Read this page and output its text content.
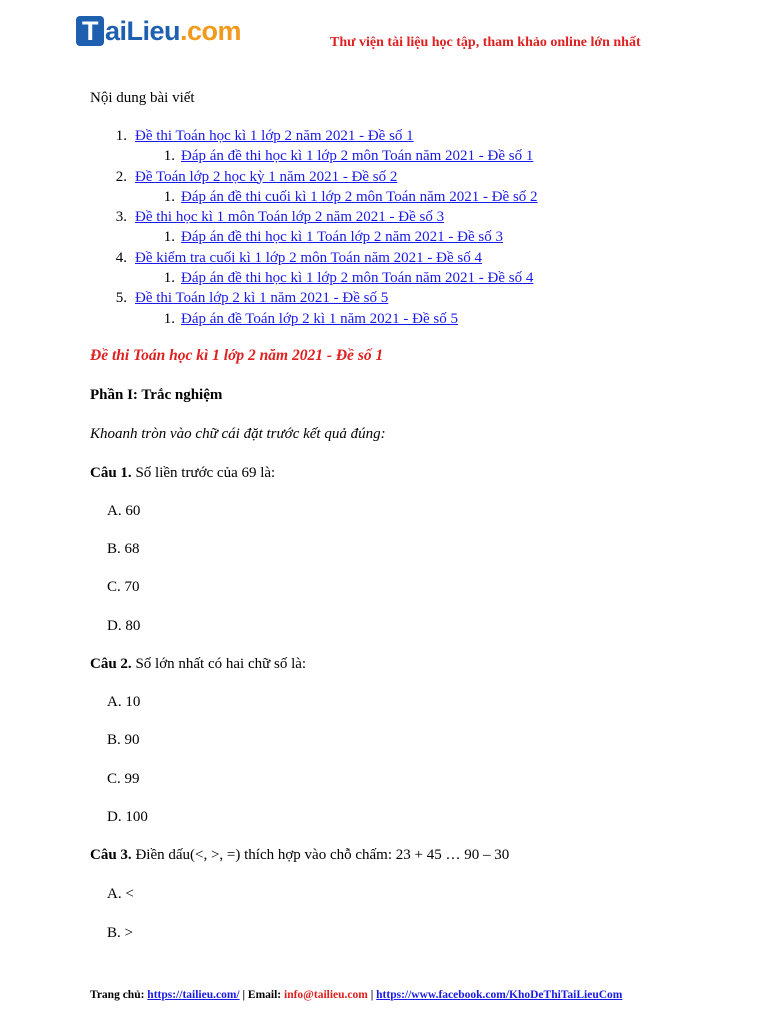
T aiLieu.com	Thư viện tài liệu học tập, tham khảo online lớn nhất
Nội dung bài viết
1. Đề thi Toán học kì 1 lớp 2 năm 2021 - Đề số 1
1. Đáp án đề thi học kì 1 lớp 2 môn Toán năm 2021 - Đề số 1
2. Đề Toán lớp 2 học kỳ 1 năm 2021 - Đề số 2
1. Đáp án đề thi cuối kì 1 lớp 2 môn Toán năm 2021 - Đề số 2
3. Đề thi học kì 1 môn Toán lớp 2 năm 2021 - Đề số 3
1. Đáp án đề thi học kì 1 Toán lớp 2 năm 2021 - Đề số 3
4. Đề kiểm tra cuối kì 1 lớp 2 môn Toán năm 2021 - Đề số 4
1. Đáp án đề thi học kì 1 lớp 2 môn Toán năm 2021 - Đề số 4
5. Đề thi Toán lớp 2 kì 1 năm 2021 - Đề số 5
1. Đáp án đề Toán lớp 2 kì 1 năm 2021 - Đề số 5
Đề thi Toán học kì 1 lớp 2 năm 2021 - Đề số 1
Phần I: Trắc nghiệm
Khoanh tròn vào chữ cái đặt trước kết quả đúng:
Câu 1. Số liền trước của 69 là:
A. 60
B. 68
C. 70
D. 80
Câu 2. Số lớn nhất có hai chữ số là:
A. 10
B. 90
C. 99
D. 100
Câu 3. Điền dấu(<, >, =) thích hợp vào chỗ chấm: 23 + 45 … 90 – 30
A. <
B. >
Trang chủ: https://tailieu.com/ | Email: info@tailieu.com | https://www.facebook.com/KhoDeThiTaiLieuCom
